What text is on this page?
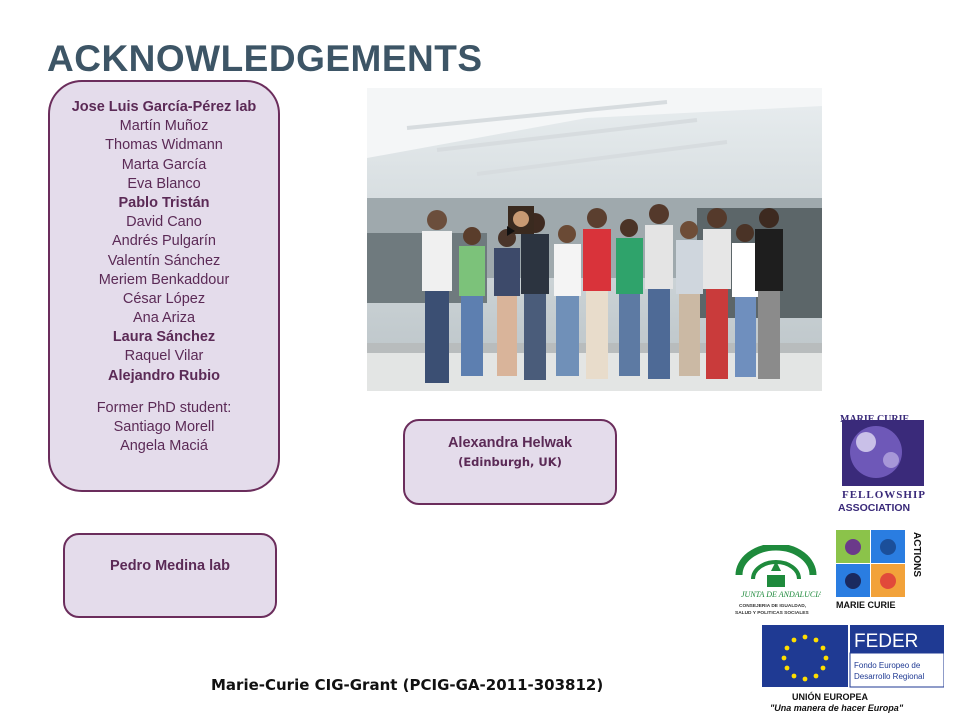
ACKNOWLEDGEMENTS
Jose Luis García-Pérez lab
Martín Muñoz
Thomas Widmann
Marta García
Eva Blanco
Pablo Tristán
David Cano
Andrés Pulgarín
Valentín Sánchez
Meriem Benkaddour
César López
Ana Ariza
Laura Sánchez
Raquel Vilar
Alejandro Rubio
Former PhD student:
Santiago Morell
Angela Maciá	Alexandra Helwak
(Edinburgh, UK)
Pedro Medina lab
Marie-Curie CIG-Grant (PCIG-GA-2011-303812)
MARIE CURIE
FELLOWSHIP
ASSOCIATION
MARIE CURIE
ACTIONS
JUNTA DE ANDALUCIA
CONSEJERIA DE IGUALDAD,
SALUD Y POLITICAS SOCIALES
FEDER
Fondo Europeo de
Desarrollo Regional
UNIÓN EUROPEA
"Una manera de hacer Europa"
